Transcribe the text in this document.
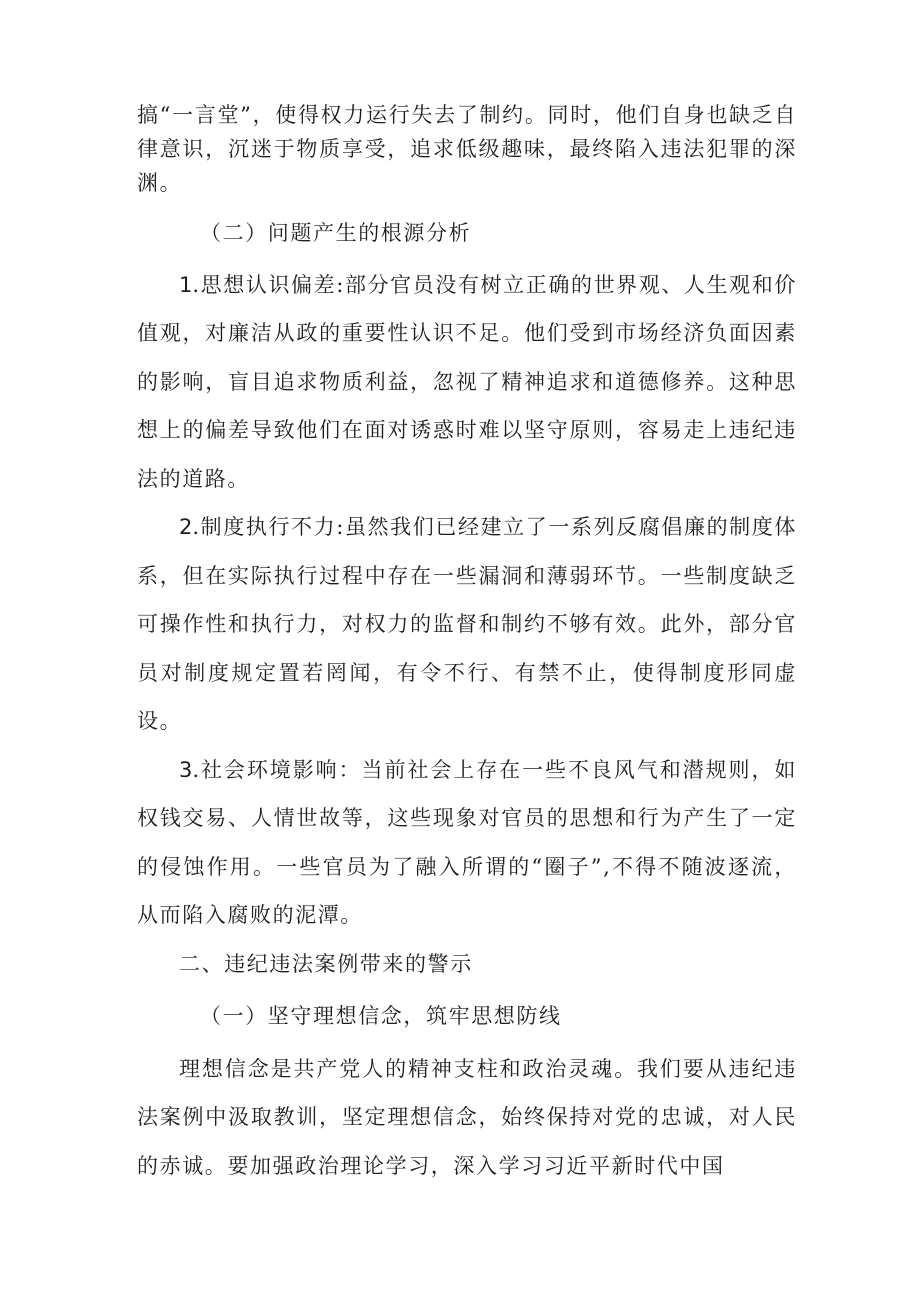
搞“一言堂”，使得权力运行失去了制约。同时，他们自身也缺乏自律意识，沉迷于物质享受，追求低级趣味，最终陷入违法犯罪的深渊。

（二）问题产生的根源分析

1.思想认识偏差:部分官员没有树立正确的世界观、人生观和价值观，对廉洁从政的重要性认识不足。他们受到市场经济负面因素的影响，盲目追求物质利益，忽视了精神追求和道德修养。这种思想上的偏差导致他们在面对诱惑时难以坚守原则，容易走上违纪违法的道路。

2.制度执行不力:虽然我们已经建立了一系列反腐倡廉的制度体系，但在实际执行过程中存在一些漏洞和薄弱环节。一些制度缺乏可操作性和执行力，对权力的监督和制约不够有效。此外，部分官员对制度规定置若罔闻，有令不行、有禁不止，使得制度形同虚设。

3.社会环境影响：当前社会上存在一些不良风气和潜规则，如权钱交易、人情世故等，这些现象对官员的思想和行为产生了一定的侵蚀作用。一些官员为了融入所谓的“圈子”,不得不随波逐流，从而陷入腐败的泥潭。

二、违纪违法案例带来的警示

（一）坚守理想信念，筑牢思想防线

理想信念是共产党人的精神支柱和政治灵魂。我们要从违纪违法案例中汲取教训，坚定理想信念，始终保持对党的忠诚，对人民的赤诚。要加强政治理论学习，深入学习习近平新时代中国
